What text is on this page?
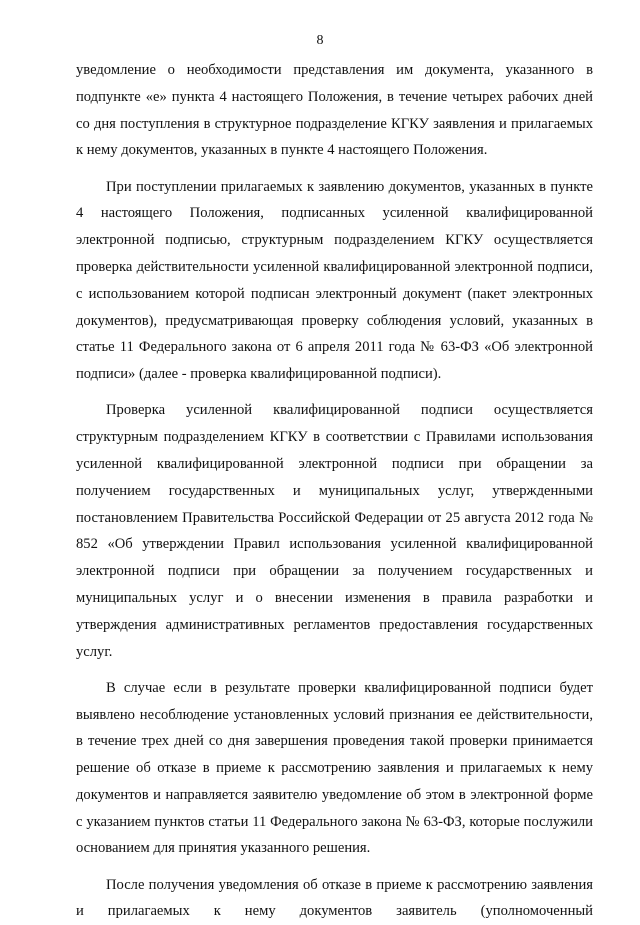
8

уведомление о необходимости представления им документа, указанного в подпункте «е» пункта 4 настоящего Положения, в течение четырех рабочих дней со дня поступления в структурное подразделение КГКУ заявления и прилагаемых к нему документов, указанных в пункте 4 настоящего Положения.

При поступлении прилагаемых к заявлению документов, указанных в пункте 4 настоящего Положения, подписанных усиленной квалифицированной электронной подписью, структурным подразделением КГКУ осуществляется проверка действительности усиленной квалифицированной электронной подписи, с использованием которой подписан электронный документ (пакет электронных документов), предусматривающая проверку соблюдения условий, указанных в статье 11 Федерального закона от 6 апреля 2011 года № 63-ФЗ «Об электронной подписи» (далее - проверка квалифицированной подписи).

Проверка усиленной квалифицированной подписи осуществляется структурным подразделением КГКУ в соответствии с Правилами использования усиленной квалифицированной электронной подписи при обращении за получением государственных и муниципальных услуг, утвержденными постановлением Правительства Российской Федерации от 25 августа 2012 года № 852 «Об утверждении Правил использования усиленной квалифицированной электронной подписи при обращении за получением государственных и муниципальных услуг и о внесении изменения в правила разработки и утверждения административных регламентов предоставления государственных услуг.

В случае если в результате проверки квалифицированной подписи будет выявлено несоблюдение установленных условий признания ее действительности, в течение трех дней со дня завершения проведения такой проверки принимается решение об отказе в приеме к рассмотрению заявления и прилагаемых к нему документов и направляется заявителю уведомление об этом в электронной форме с указанием пунктов статьи 11 Федерального закона № 63-ФЗ, которые послужили основанием для принятия указанного решения.

После получения уведомления об отказе в приеме к рассмотрению заявления и прилагаемых к нему документов заявитель (уполномоченный
